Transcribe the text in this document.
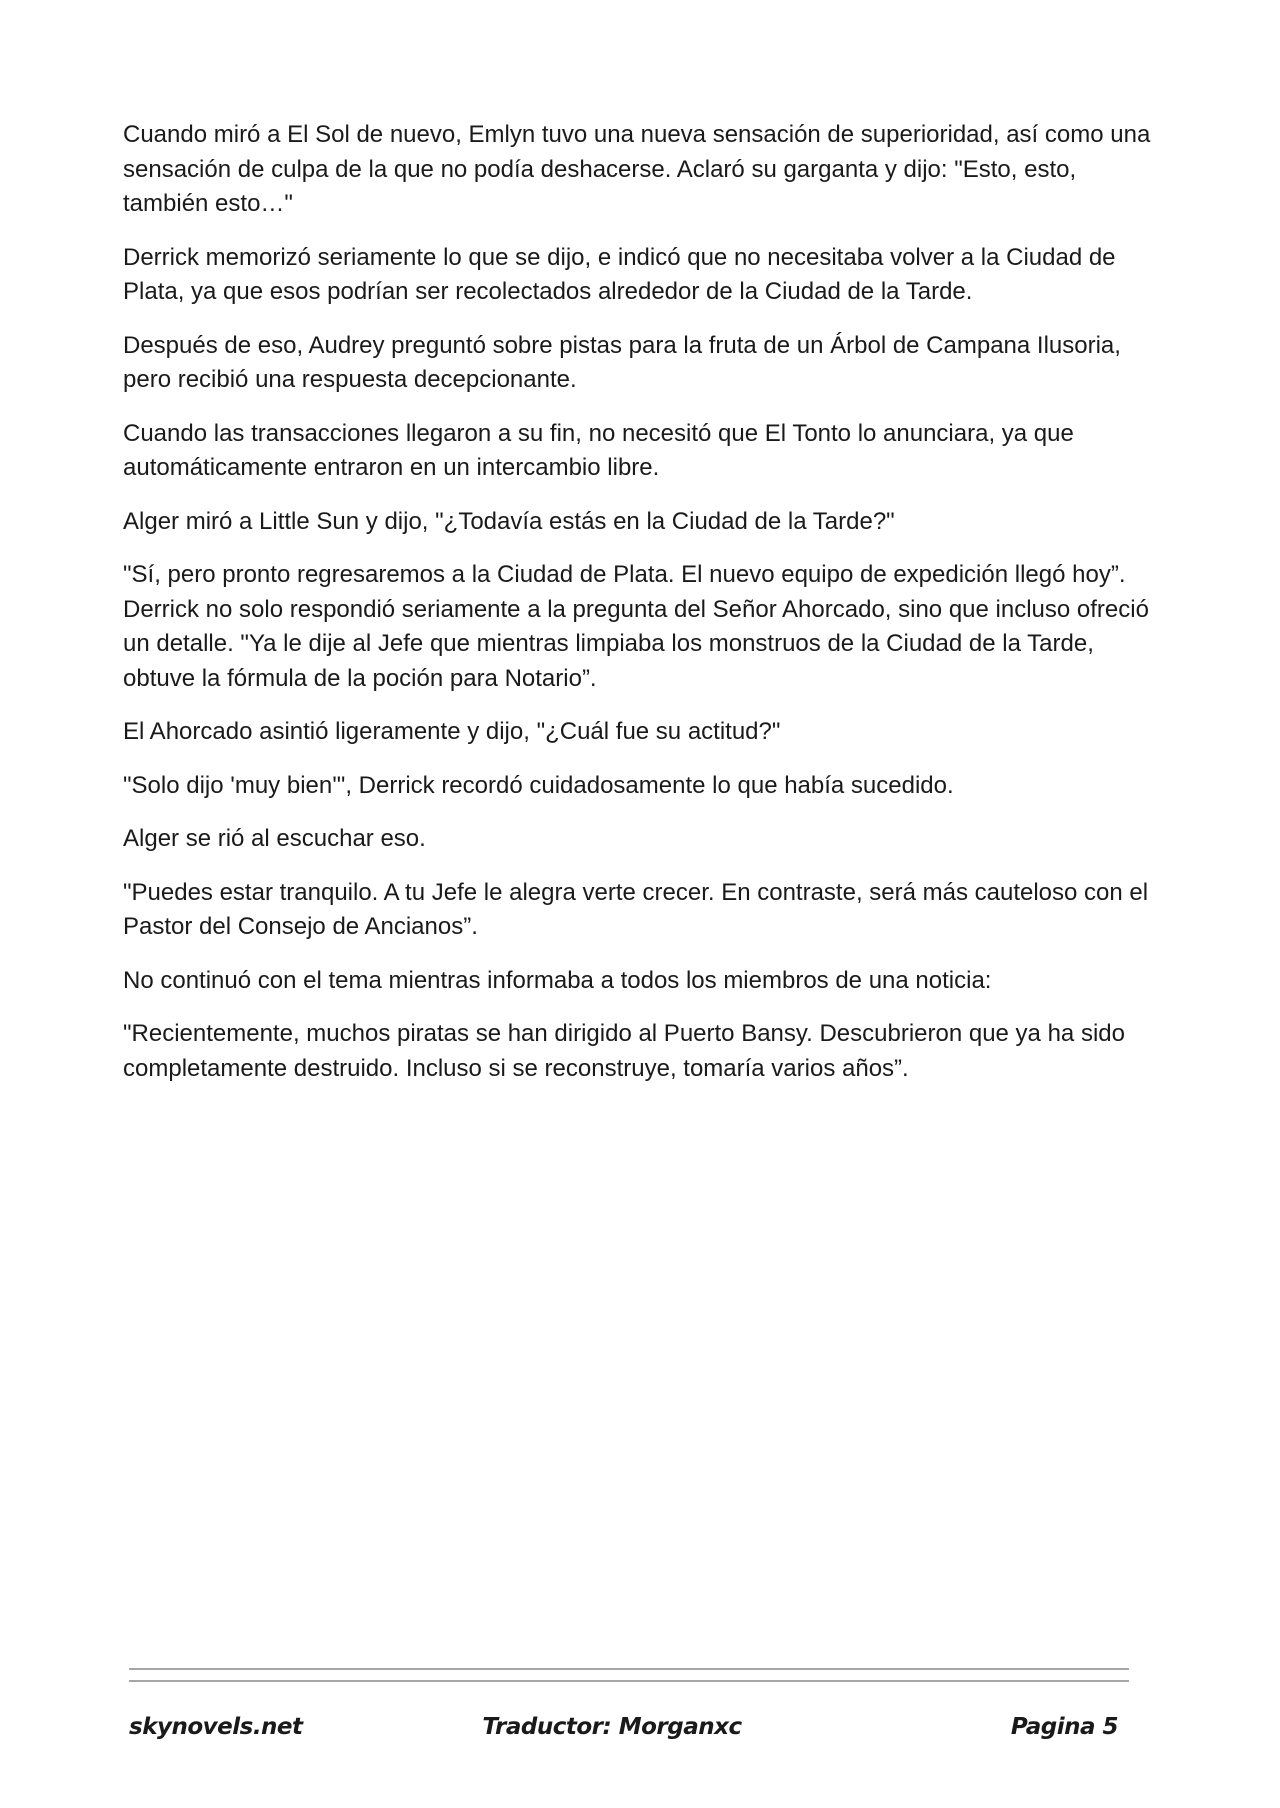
Cuando miró a El Sol de nuevo, Emlyn tuvo una nueva sensación de superioridad, así como una sensación de culpa de la que no podía deshacerse. Aclaró su garganta y dijo: "Esto, esto, también esto…"

Derrick memorizó seriamente lo que se dijo, e indicó que no necesitaba volver a la Ciudad de Plata, ya que esos podrían ser recolectados alrededor de la Ciudad de la Tarde.

Después de eso, Audrey preguntó sobre pistas para la fruta de un Árbol de Campana Ilusoria, pero recibió una respuesta decepcionante.

Cuando las transacciones llegaron a su fin, no necesitó que El Tonto lo anunciara, ya que automáticamente entraron en un intercambio libre.

Alger miró a Little Sun y dijo, "¿Todavía estás en la Ciudad de la Tarde?"

"Sí, pero pronto regresaremos a la Ciudad de Plata. El nuevo equipo de expedición llegó hoy”. Derrick no solo respondió seriamente a la pregunta del Señor Ahorcado, sino que incluso ofreció un detalle. "Ya le dije al Jefe que mientras limpiaba los monstruos de la Ciudad de la Tarde, obtuve la fórmula de la poción para Notario”.

El Ahorcado asintió ligeramente y dijo, "¿Cuál fue su actitud?"

"Solo dijo 'muy bien'", Derrick recordó cuidadosamente lo que había sucedido.

Alger se rió al escuchar eso.

"Puedes estar tranquilo. A tu Jefe le alegra verte crecer. En contraste, será más cauteloso con el Pastor del Consejo de Ancianos”.

No continuó con el tema mientras informaba a todos los miembros de una noticia:

"Recientemente, muchos piratas se han dirigido al Puerto Bansy. Descubrieron que ya ha sido completamente destruido. Incluso si se reconstruye, tomaría varios años”.

skynovels.net	Traductor: Morganxc	Pagina 5
